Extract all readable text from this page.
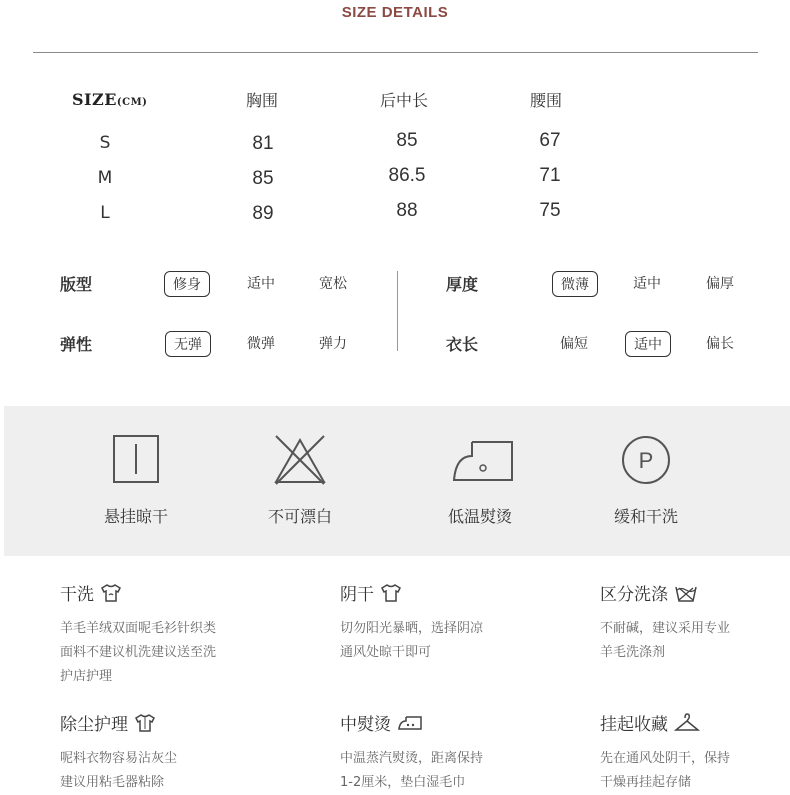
SIZE DETAILS
SIZE(CM)	胸围	后中长	腰围
S	81	85	67
M	85	86.5	71
L	89	88	75
版型	修身	适中	宽松
弹性	无弹	微弹	弹力
厚度	微薄	适中	偏厚
衣长	偏短	适中	偏长
悬挂晾干	不可漂白	低温熨烫
P
缓和干洗
干洗
羊毛羊绒双面呢毛衫针织类
面料不建议机洗建议送至洗
护店护理
阴干
切勿阳光暴晒，选择阴凉
通风处晾干即可
区分洗涤
不耐碱，建议采用专业
羊毛洗涤剂
除尘护理
呢料衣物容易沾灰尘
建议用粘毛器粘除
中熨烫
中温蒸汽熨烫，距离保持
1-2厘米，垫白湿毛巾
挂起收藏
先在通风处阴干，保持
干燥再挂起存储
